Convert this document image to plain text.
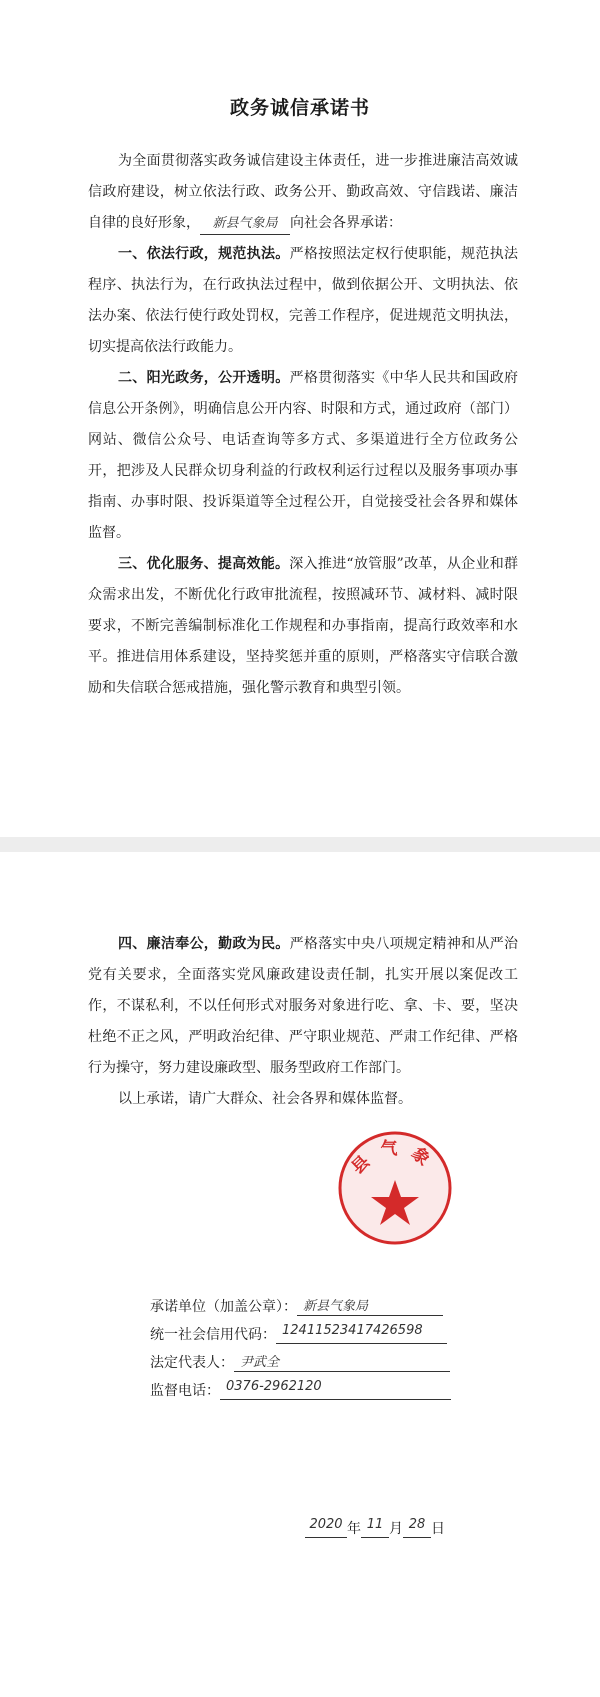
政务诚信承诺书

为全面贯彻落实政务诚信建设主体责任，进一步推进廉洁高效诚信政府建设，树立依法行政、政务公开、勤政高效、守信践诺、廉洁自律的良好形象， 新县气象局 向社会各界承诺：

一、依法行政，规范执法。严格按照法定权行使职能，规范执法程序、执法行为，在行政执法过程中，做到依据公开、文明执法、依法办案、依法行使行政处罚权，完善工作程序，促进规范文明执法，切实提高依法行政能力。

二、阳光政务，公开透明。严格贯彻落实《中华人民共和国政府信息公开条例》，明确信息公开内容、时限和方式，通过政府（部门）网站、微信公众号、电话查询等多方式、多渠道进行全方位政务公开，把涉及人民群众切身利益的行政权利运行过程以及服务事项办事指南、办事时限、投诉渠道等全过程公开，自觉接受社会各界和媒体监督。

三、优化服务、提高效能。深入推进“放管服”改革，从企业和群众需求出发，不断优化行政审批流程，按照减环节、减材料、减时限要求，不断完善编制标准化工作规程和办事指南，提高行政效率和水平。推进信用体系建设，坚持奖惩并重的原则，严格落实守信联合激励和失信联合惩戒措施，强化警示教育和典型引领。

四、廉洁奉公，勤政为民。严格落实中央八项规定精神和从严治党有关要求，全面落实党风廉政建设责任制，扎实开展以案促改工作，不谋私利，不以任何形式对服务对象进行吃、拿、卡、要，坚决杜绝不正之风，严明政治纪律、严守职业规范、严肃工作纪律、严格行为操守，努力建设廉政型、服务型政府工作部门。

以上承诺，请广大群众、社会各界和媒体监督。

县气象
承诺单位（加盖公章）： 新县气象局
统一社会信用代码： 12411523417426598
法定代表人： 尹武全
监督电话： 0376-2962120
2020 年 11 月 28 日
